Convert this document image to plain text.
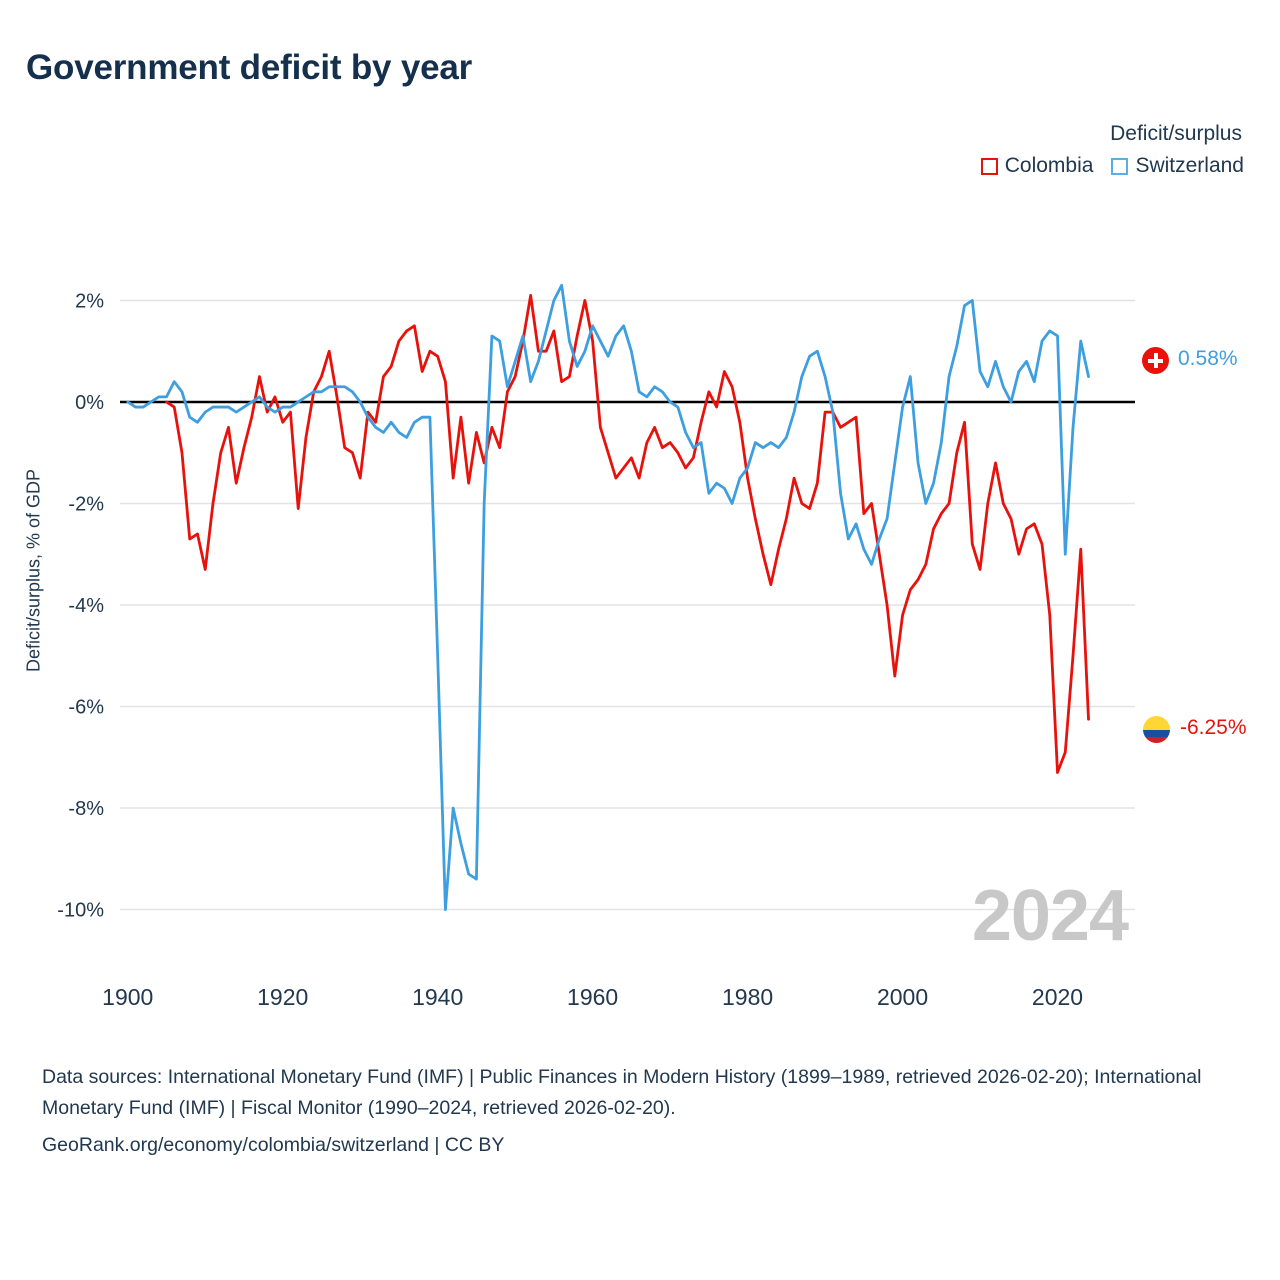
Government deficit by year
Deficit/surplus
Colombia Switzerland
Deficit/surplus, % of GDP
2%
0%
-2%
-4%
-6%
-8%
-10%
1900	1920	1940	1960	1980	2000	2020
2024
0.58%
-6.25%
Data sources: International Monetary Fund (IMF) | Public Finances in Modern History (1899–1989, retrieved 2026-02-20); International Monetary Fund (IMF) | Fiscal Monitor (1990–2024, retrieved 2026-02-20).
GeoRank.org/economy/colombia/switzerland | CC BY
